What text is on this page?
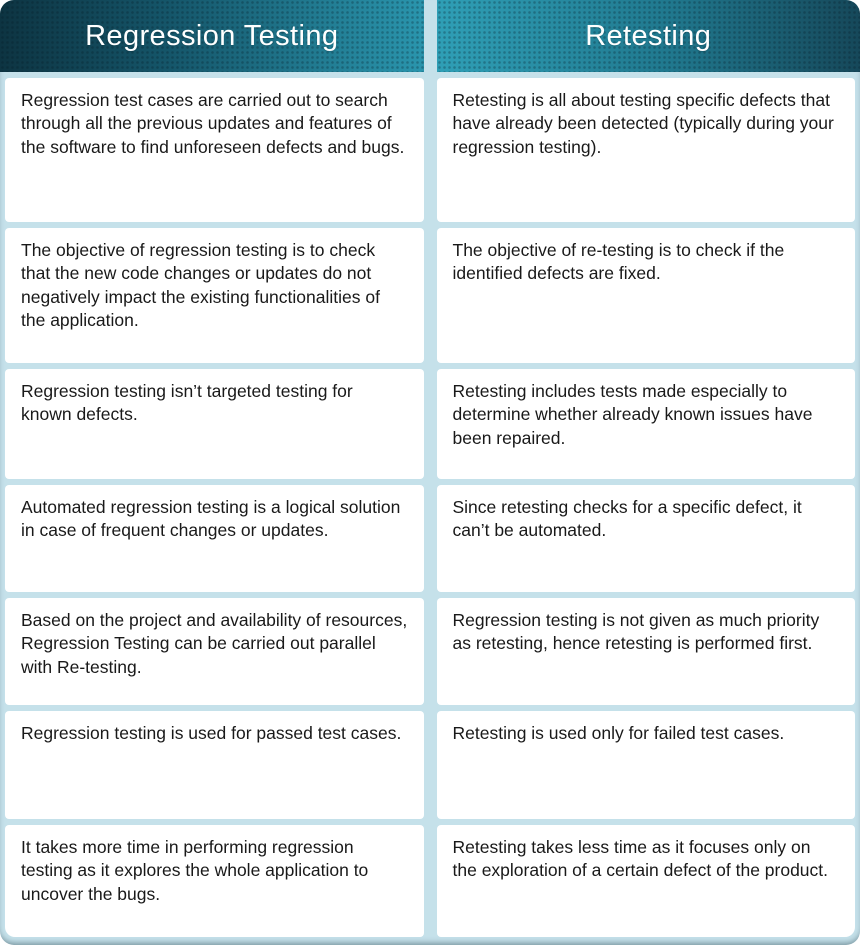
Regression Testing	Retesting
Regression test cases are carried out to search through all the previous updates and features of the software to find unforeseen defects and bugs.
Retesting is all about testing specific defects that have already been detected (typically during your regression testing).
The objective of regression testing is to check that the new code changes or updates do not negatively impact the existing functionalities of the application.
The objective of re-testing is to check if the identified defects are fixed.
Regression testing isn’t targeted testing for known defects.
Retesting includes tests made especially to determine whether already known issues have been repaired.
Automated regression testing is a logical solution in case of frequent changes or updates.
Since retesting checks for a specific defect, it can’t be automated.
Based on the project and availability of resources, Regression Testing can be carried out parallel with Re-testing.
Regression testing is not given as much priority as retesting, hence retesting is performed first.
Regression testing is used for passed test cases.	Retesting is used only for failed test cases.
It takes more time in performing regression testing as it explores the whole application to uncover the bugs.
Retesting takes less time as it focuses only on the exploration of a certain defect of the product.
